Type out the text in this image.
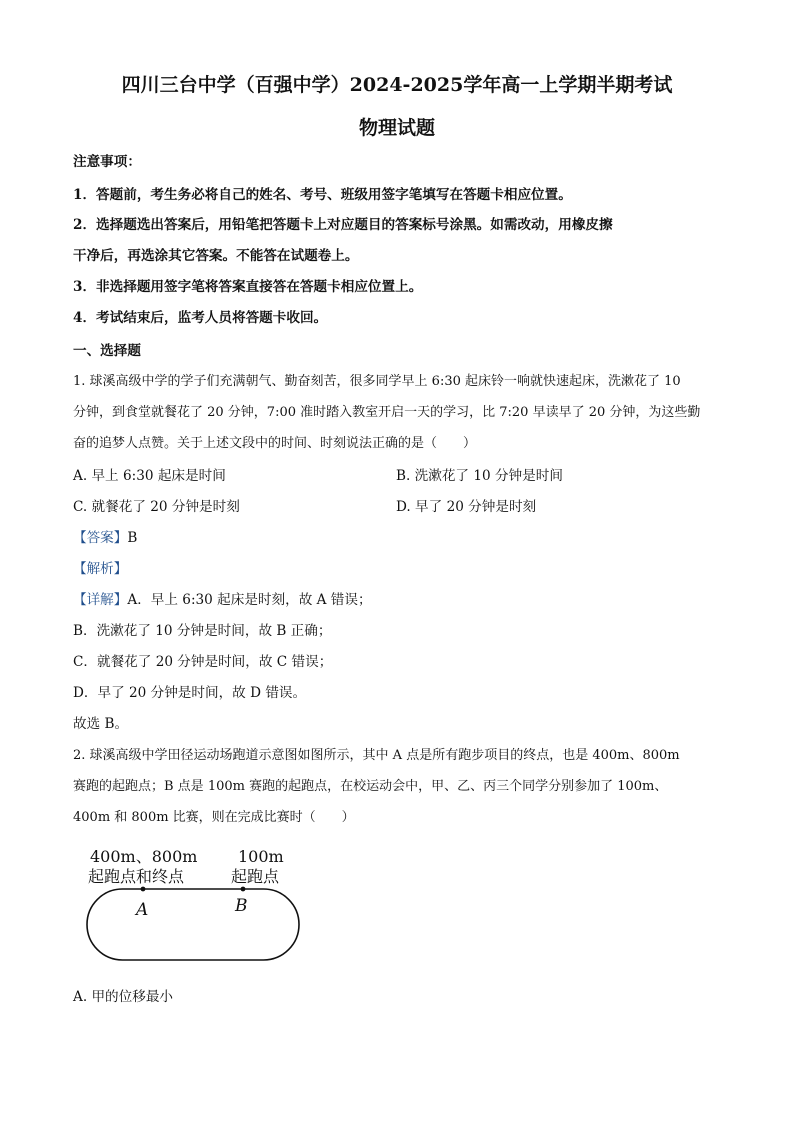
四川三台中学（百强中学）2024-2025学年高一上学期半期考试
物理试题
注意事项：
1．答题前，考生务必将自己的姓名、考号、班级用签字笔填写在答题卡相应位置。
2．选择题选出答案后，用铅笔把答题卡上对应题目的答案标号涂黑。如需改动，用橡皮擦
干净后，再选涂其它答案。不能答在试题卷上。
3．非选择题用签字笔将答案直接答在答题卡相应位置上。
4．考试结束后，监考人员将答题卡收回。
一、选择题
1. 球溪高级中学的学子们充满朝气、勤奋刻苦，很多同学早上 6:30 起床铃一响就快速起床，洗漱花了 10
分钟，到食堂就餐花了 20 分钟，7:00 准时踏入教室开启一天的学习，比 7:20 早读早了 20 分钟，为这些勤
奋的追梦人点赞。关于上述文段中的时间、时刻说法正确的是（　　）
A. 早上 6:30 起床是时间	B. 洗漱花了 10 分钟是时间
C. 就餐花了 20 分钟是时刻	D. 早了 20 分钟是时刻
【答案】B
【解析】
【详解】A．早上 6:30 起床是时刻，故 A 错误；
B．洗漱花了 10 分钟是时间，故 B 正确；
C．就餐花了 20 分钟是时间，故 C 错误；
D．早了 20 分钟是时间，故 D 错误。
故选 B。
2. 球溪高级中学田径运动场跑道示意图如图所示，其中 A 点是所有跑步项目的终点，也是 400m、800m
赛跑的起跑点；B 点是 100m 赛跑的起跑点，在校运动会中，甲、乙、丙三个同学分别参加了 100m、
400m 和 800m 比赛，则在完成比赛时（　　）
400m、800m
起跑点和终点
100m
起跑点
A	B
A. 甲的位移最小
